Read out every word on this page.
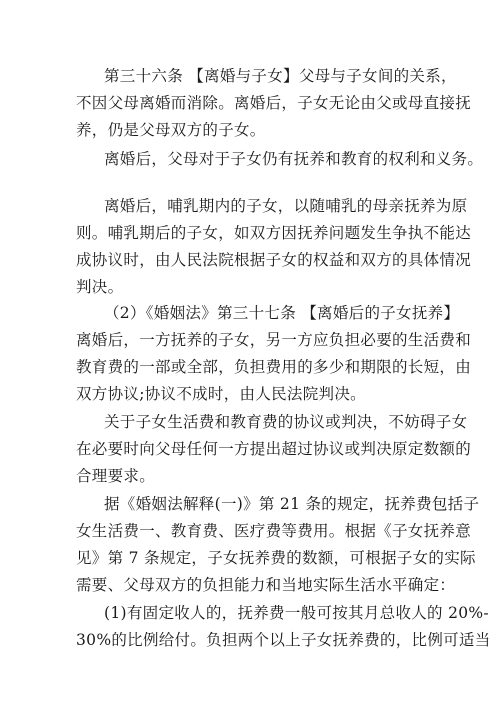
第三十六条 【离婚与子女】父母与子女间的关系，
不因父母离婚而消除。离婚后，子女无论由父或母直接抚
养，仍是父母双方的子女。
离婚后，父母对于子女仍有抚养和教育的权利和义务。
离婚后，哺乳期内的子女，以随哺乳的母亲抚养为原
则。哺乳期后的子女，如双方因抚养问题发生争执不能达
成协议时，由人民法院根据子女的权益和双方的具体情况
判决。
（2）《婚姻法》第三十七条 【离婚后的子女抚养】
离婚后，一方抚养的子女，另一方应负担必要的生活费和
教育费的一部或全部，负担费用的多少和期限的长短，由
双方协议;协议不成时，由人民法院判决。
关于子女生活费和教育费的协议或判决，不妨碍子女
在必要时向父母任何一方提出超过协议或判决原定数额的
合理要求。
据《婚姻法解释(一)》第 21 条的规定，抚养费包括子
女生活费一、教育费、医疗费等费用。根据《子女抚养意
见》第 7 条规定，子女抚养费的数额，可根据子女的实际
需要、父母双方的负担能力和当地实际生活水平确定：
(1)有固定收人的，抚养费一般可按其月总收人的 20%-
30%的比例给付。负担两个以上子女抚养费的，比例可适当
